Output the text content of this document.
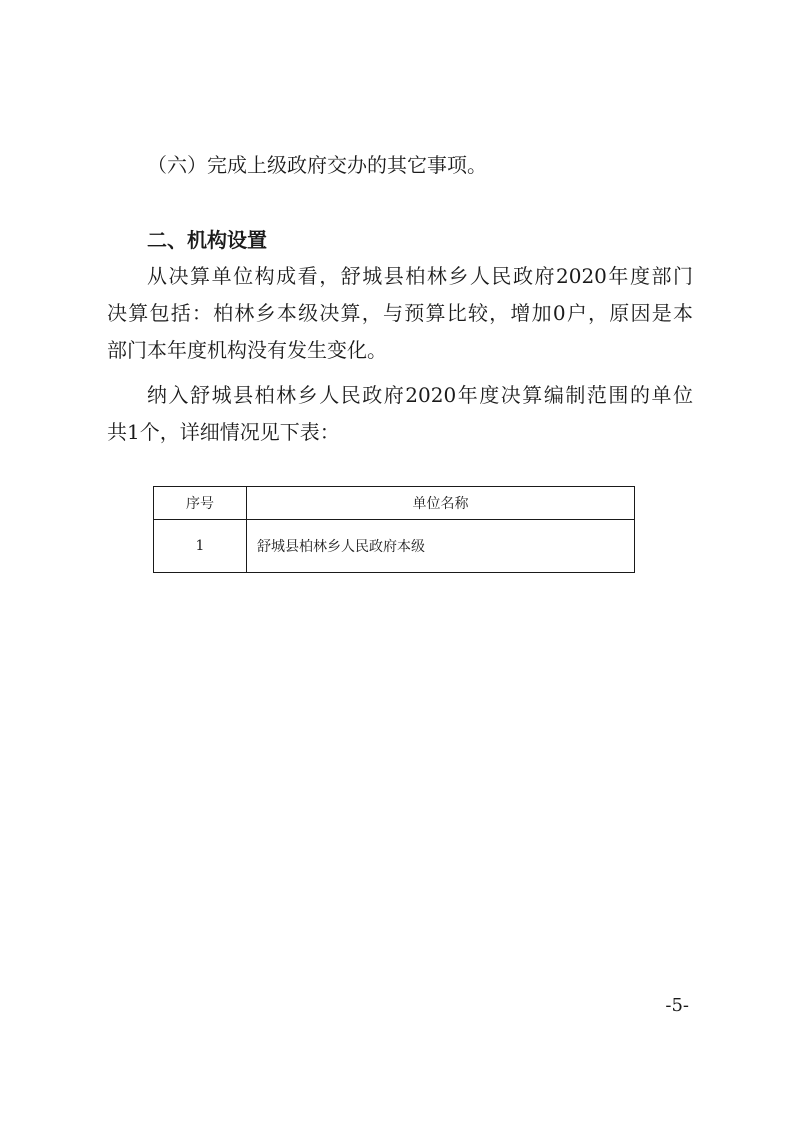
（六）完成上级政府交办的其它事项。
二、机构设置
从决算单位构成看，舒城县柏林乡人民政府2020年度部门
决算包括：柏林乡本级决算，与预算比较，增加0户，原因是本
部门本年度机构没有发生变化。
纳入舒城县柏林乡人民政府2020年度决算编制范围的单位
共1个，详细情况见下表：
序号	单位名称
1	舒城县柏林乡人民政府本级
-5-
